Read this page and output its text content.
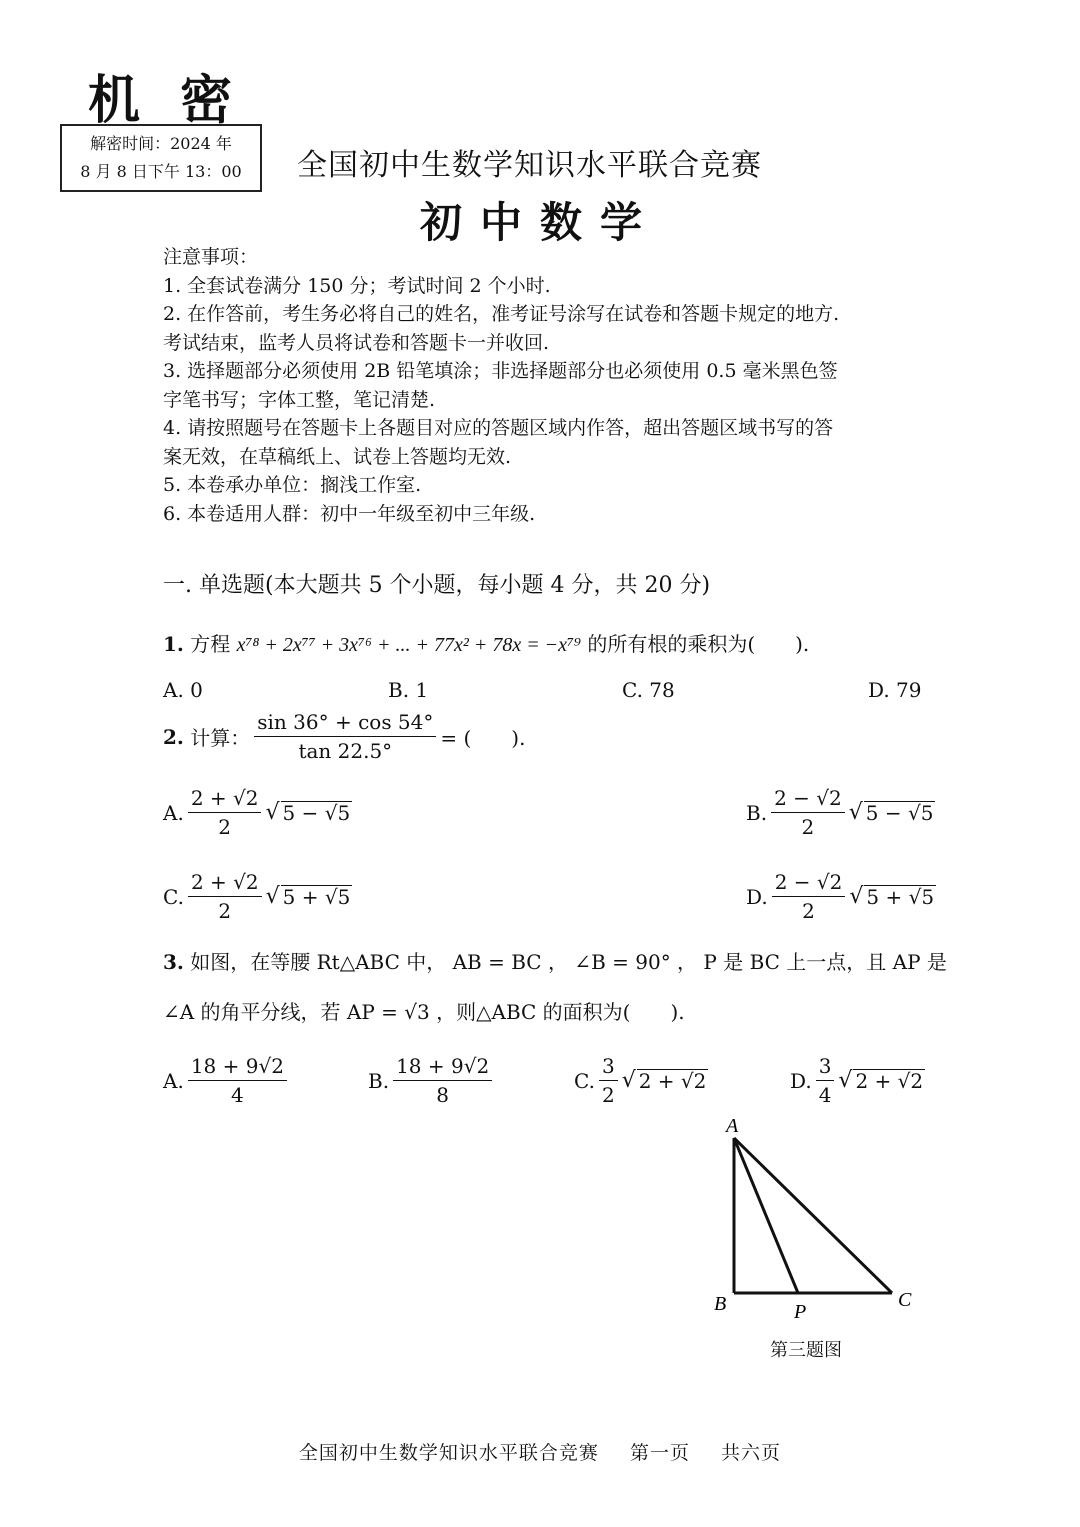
机密
解密时间：2024 年
8 月 8 日下午 13：00	全国初中生数学知识水平联合竞赛
初中数学
注意事项：
1. 全套试卷满分 150 分；考试时间 2 个小时.
2. 在作答前，考生务必将自己的姓名，准考证号涂写在试卷和答题卡规定的地方.
考试结束，监考人员将试卷和答题卡一并收回.
3. 选择题部分必须使用 2B 铅笔填涂；非选择题部分也必须使用 0.5 毫米黑色签
字笔书写；字体工整，笔记清楚.
4. 请按照题号在答题卡上各题目对应的答题区域内作答，超出答题区域书写的答
案无效，在草稿纸上、试卷上答题均无效.
5. 本卷承办单位：搁浅工作室.
6. 本卷适用人群：初中一年级至初中三年级.
一. 单选题(本大题共 5 个小题，每小题 4 分，共 20 分)
1. 方程 x⁷⁸ + 2x⁷⁷ + 3x⁷⁶ + ... + 77x² + 78x = −x⁷⁹ 的所有根的乘积为(　　).
A. 0	B. 1	C. 78	D. 79
2.
计算： $\frac{\sin 36^\circ + \cos 54^\circ}{\tan 22.5^\circ}$ = (　　).
A. $\frac{2 + √2}{2}$ √ 5 − √5	B. $\frac{2 - √2}{2}$ √ 5 − √5
C. $\frac{2 + √2}{2}$ √ 5 + √5	D. $\frac{2 - √2}{2}$ √ 5 + √5
3. 如图，在等腰 Rt△ABC 中， AB = BC ， ∠B = 90° ， P 是 BC 上一点，且 AP 是
∠A 的角平分线，若 AP = √3 ，则△ABC 的面积为(　　).
A. $\frac{18 + 9√2}{4}$	B. $\frac{18 + 9√2}{8}$	C. $\frac{3}{2}$ √ 2 + √2	D. $\frac{3}{4}$ √ 2 + √2
A
B	P
C
第三题图
全国初中生数学知识水平联合竞赛 第一页 共六页
